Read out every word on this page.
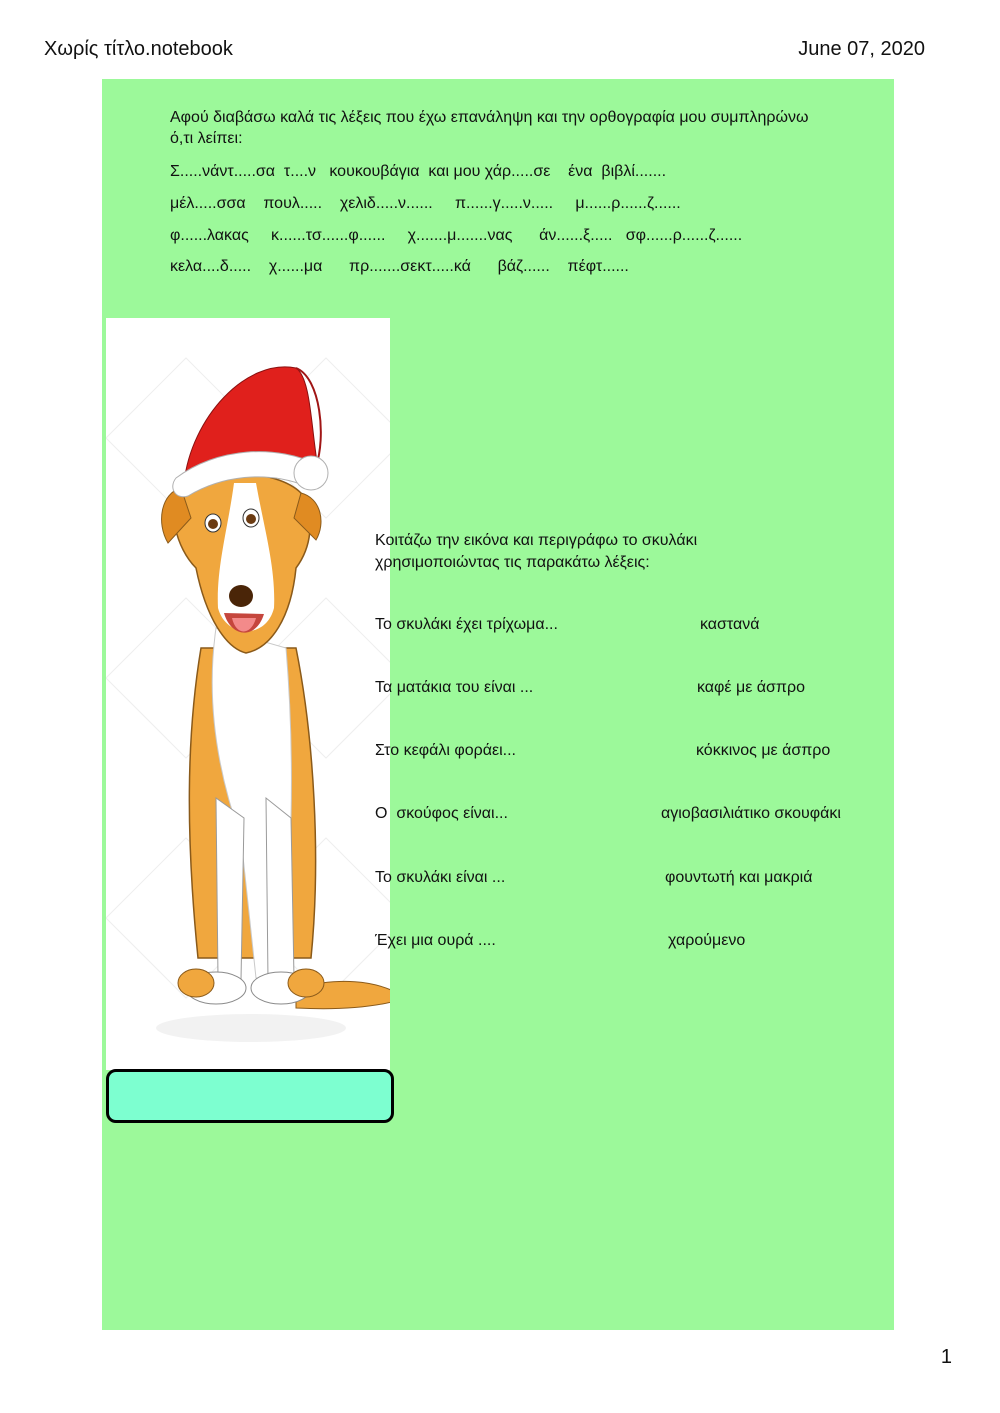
Χωρίς τίτλο.notebook	June 07, 2020
Αφού διαβάσω καλά τις λέξεις που έχω επανάληψη και την ορθογραφία μου συμπληρώνω ό,τι λείπει:
Σ.....νάντ.....σα  τ....ν   κουκουβάγια  και μου χάρ.....σε    ένα  βιβλί.......
μέλ.....σσα    πουλ.....    χελιδ.....ν......     π......γ.....ν.....     μ......ρ......ζ......
φ......λακας     κ......τσ......φ......     χ.......μ.......νας      άν......ξ.....   σφ......ρ......ζ......
κελα....δ.....    χ......μα      πρ.......σεκτ.....κά      βάζ......    πέφτ......
Κοιτάζω την εικόνα και περιγράφω το σκυλάκι χρησιμοποιώντας τις παρακάτω λέξεις:
Το σκυλάκι έχει τρίχωμα...	καστανά
Τα ματάκια του είναι ...	καφέ με άσπρο
Στο κεφάλι φοράει...	κόκκινος με άσπρο
Ο  σκούφος είναι...	αγιοβασιλιάτικο σκουφάκι
Το σκυλάκι είναι ...	φουντωτή και μακριά
Έχει μια ουρά ....	χαρούμενο
1
